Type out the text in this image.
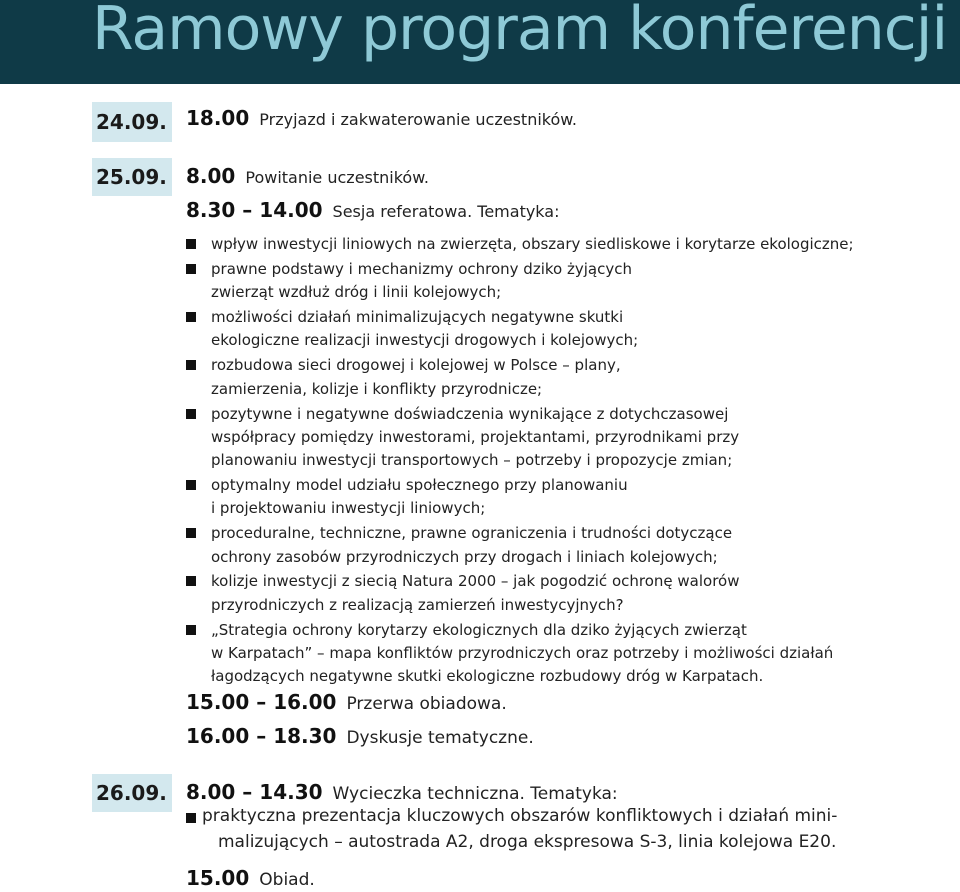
Ramowy program konferencji
24.09. 18.00 Przyjazd i zakwaterowanie uczestników.
25.09. 8.00 Powitanie uczestników.
8.30 – 14.00 Sesja referatowa. Tematyka:
wpływ inwestycji liniowych na zwierzęta, obszary siedliskowe i korytarze ekologiczne;
prawne podstawy i mechanizmy ochrony dziko żyjących
zwierząt wzdłuż dróg i linii kolejowych;
możliwości działań minimalizujących negatywne skutki
ekologiczne realizacji inwestycji drogowych i kolejowych;
rozbudowa sieci drogowej i kolejowej w Polsce – plany,
zamierzenia, kolizje i konflikty przyrodnicze;
pozytywne i negatywne doświadczenia wynikające z dotychczasowej
współpracy pomiędzy inwestorami, projektantami, przyrodnikami przy
planowaniu inwestycji transportowych – potrzeby i propozycje zmian;
optymalny model udziału społecznego przy planowaniu
i projektowaniu inwestycji liniowych;
proceduralne, techniczne, prawne ograniczenia i trudności dotyczące
ochrony zasobów przyrodniczych przy drogach i liniach kolejowych;
kolizje inwestycji z siecią Natura 2000 – jak pogodzić ochronę walorów
przyrodniczych z realizacją zamierzeń inwestycyjnych?
„Strategia ochrony korytarzy ekologicznych dla dziko żyjących zwierząt
w Karpatach” – mapa konfliktów przyrodniczych oraz potrzeby i możliwości działań
łagodzących negatywne skutki ekologiczne rozbudowy dróg w Karpatach.
15.00 – 16.00 Przerwa obiadowa.
16.00 – 18.30 Dyskusje tematyczne.
26.09. 8.00 – 14.30 Wycieczka techniczna. Tematyka:
praktyczna prezentacja kluczowych obszarów konfliktowych i działań mini-
malizujących – autostrada A2, droga ekspresowa S-3, linia kolejowa E20.
15.00 Obiad.
